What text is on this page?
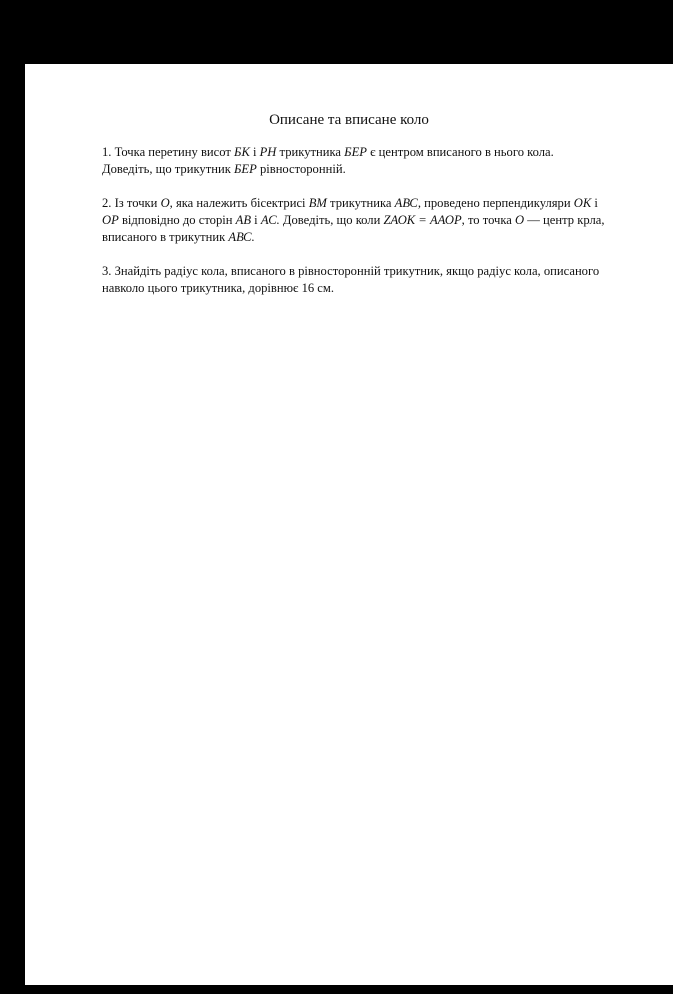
Описане та вписане коло

1. Точка перетину висот БК і РН трикутника БЕР є центром вписаного в нього кола.
Доведіть, що трикутник БЕР рівносторонній.

2. Із точки О, яка належить бісектрисі ВМ трикутника АВС, проведено перпендикуляри ОК і
ОР відповідно до сторін АВ і АС. Доведіть, що коли ZАОК = ААОР, то точка О — центр крла,
вписаного в трикутник АВС.

3. Знайдіть радіус кола, вписаного в рівносторонній трикутник, якщо радіус кола, описаного
навколо цього трикутника, дорівнює 16 см.
